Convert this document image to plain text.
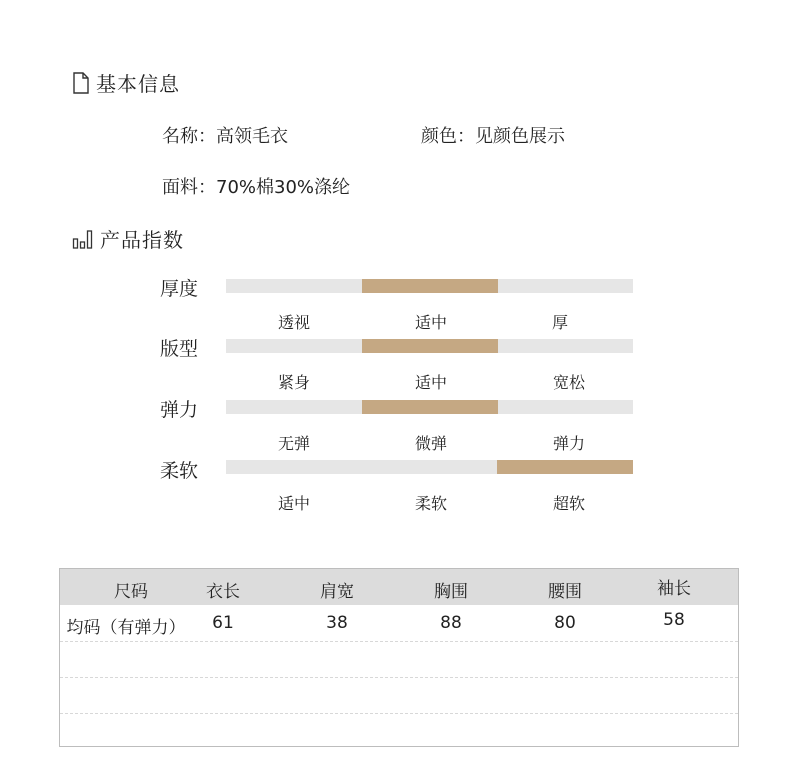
基本信息
名称：高领毛衣	颜色：见颜色展示
面料：70%棉30%涤纶
产品指数
厚度
透视	适中	厚
版型
紧身	适中	宽松
弹力
无弹	微弹	弹力
柔软
适中	柔软	超软
尺码	衣长	肩宽	胸围	腰围	袖长
均码（有弹力） 61	38	88	80	58
